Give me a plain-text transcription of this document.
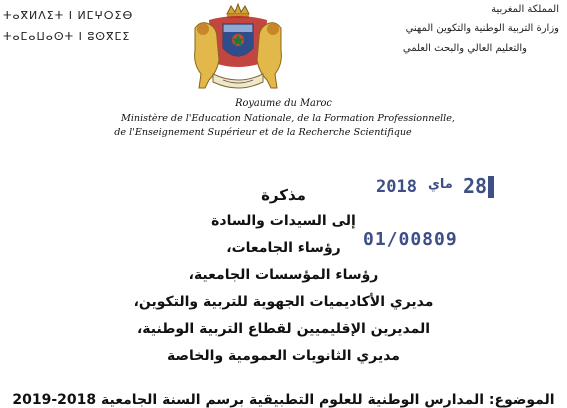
ⵜⴰⴳⵍⴷⵉⵜ ⵏ ⵍⵎⵖⵔⵉⴱ
ⵜⴰⵎⴰⵡⴰⵙⵜ ⵏ ⵓⵙⴳⵎⵉ
المملكة المغربية
وزارة التربية الوطنية والتكوين المهني
والتعليم العالي والبحث العلمي
Royaume du Maroc
Ministère de l'Education Nationale, de la Formation Professionnelle,
de l'Enseignement Supérieur et de la Recherche Scientifique
2018 ماي 28
01/00809
مذكرة
إلى السيدات والسادة
رؤساء الجامعات،
رؤساء المؤسسات الجامعية،
مديري الأكاديميات الجهوية للتربية والتكوين،
المديرين الإقليميين لقطاع التربية الوطنية،
مديري الثانويات العمومية والخاصة
الموضوع: المدارس الوطنية للعلوم التطبيقية برسم السنة الجامعية 2018-2019
